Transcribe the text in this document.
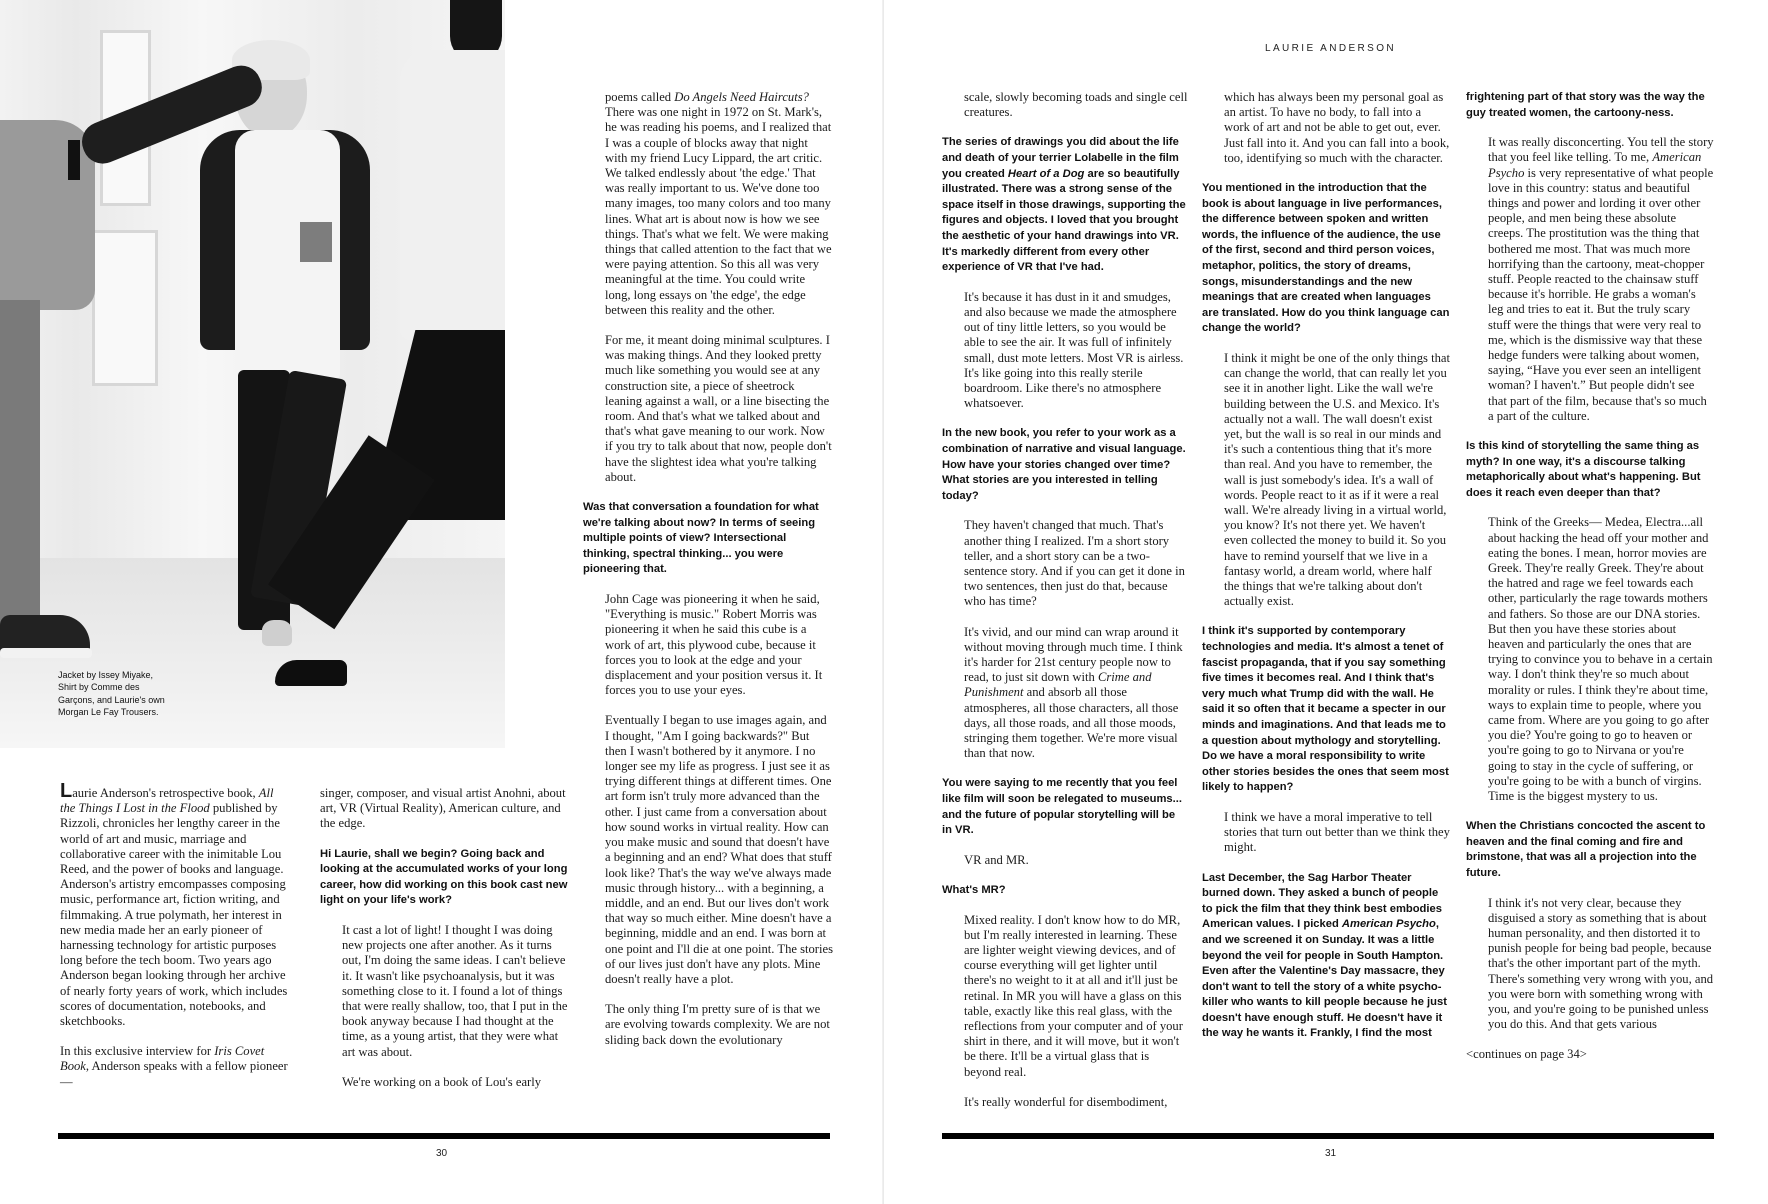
Jacket by Issey Miyake,
Shirt by Comme des
Garçons, and Laurie's own
Morgan Le Fay Trousers.

Laurie Anderson's retrospective book, All the Things I Lost in the Flood published by Rizzoli, chronicles her lengthy career in the world of art and music, marriage and collaborative career with the inimitable Lou Reed, and the power of books and language. Anderson's artistry emcompasses composing music, performance art, fiction writing, and filmmaking. A true polymath, her interest in new media made her an early pioneer of harnessing technology for artistic purposes long before the tech boom. Two years ago Anderson began looking through her archive of nearly forty years of work, which includes scores of documentation, notebooks, and sketchbooks.

In this exclusive interview for Iris Covet Book, Anderson speaks with a fellow pioneer—

singer, composer, and visual artist Anohni, about art, VR (Virtual Reality), American culture, and the edge.

Hi Laurie, shall we begin? Going back and looking at the accumulated works of your long career, how did working on this book cast new light on your life's work?

It cast a lot of light! I thought I was doing new projects one after another. As it turns out, I'm doing the same ideas. I can't believe it. It wasn't like psychoanalysis, but it was something close to it. I found a lot of things that were really shallow, too, that I put in the book anyway because I had thought at the time, as a young artist, that they were what art was about.

We're working on a book of Lou's early

poems called Do Angels Need Haircuts? There was one night in 1972 on St. Mark's, he was reading his poems, and I realized that I was a couple of blocks away that night with my friend Lucy Lippard, the art critic. We talked endlessly about 'the edge.' That was really important to us. We've done too many images, too many colors and too many lines. What art is about now is how we see things. That's what we felt. We were making things that called attention to the fact that we were paying attention. So this all was very meaningful at the time. You could write long, long essays on 'the edge', the edge between this reality and the other.

For me, it meant doing minimal sculptures. I was making things. And they looked pretty much like something you would see at any construction site, a piece of sheetrock leaning against a wall, or a line bisecting the room. And that's what we talked about and that's what gave meaning to our work. Now if you try to talk about that now, people don't have the slightest idea what you're talking about.

Was that conversation a foundation for what we're talking about now? In terms of seeing multiple points of view? Intersectional thinking, spectral thinking... you were pioneering that.

John Cage was pioneering it when he said, "Everything is music." Robert Morris was pioneering it when he said this cube is a work of art, this plywood cube, because it forces you to look at the edge and your displacement and your position versus it. It forces you to use your eyes.

Eventually I began to use images again, and I thought, "Am I going backwards?" But then I wasn't bothered by it anymore. I no longer see my life as progress. I just see it as trying different things at different times. One art form isn't truly more advanced than the other. I just came from a conversation about how sound works in virtual reality. How can you make music and sound that doesn't have a beginning and an end? What does that stuff look like? That's the way we've always made music through history... with a beginning, a middle, and an end. But our lives don't work that way so much either. Mine doesn't have a beginning, middle and an end. I was born at one point and I'll die at one point. The stories of our lives just don't have any plots. Mine doesn't really have a plot.

The only thing I'm pretty sure of is that we are evolving towards complexity. We are not sliding back down the evolutionary

30
LAURIE ANDERSON

scale, slowly becoming toads and single cell creatures.

The series of drawings you did about the life and death of your terrier Lolabelle in the film you created Heart of a Dog are so beautifully illustrated. There was a strong sense of the space itself in those drawings, supporting the figures and objects. I loved that you brought the aesthetic of your hand drawings into VR. It's markedly different from every other experience of VR that I've had.

It's because it has dust in it and smudges, and also because we made the atmosphere out of tiny little letters, so you would be able to see the air. It was full of infinitely small, dust mote letters. Most VR is airless. It's like going into this really sterile boardroom. Like there's no atmosphere whatsoever.

In the new book, you refer to your work as a combination of narrative and visual language. How have your stories changed over time? What stories are you interested in telling today?

They haven't changed that much. That's another thing I realized. I'm a short story teller, and a short story can be a two-sentence story. And if you can get it done in two sentences, then just do that, because who has time?

It's vivid, and our mind can wrap around it without moving through much time. I think it's harder for 21st century people now to read, to just sit down with Crime and Punishment and absorb all those atmospheres, all those characters, all those days, all those roads, and all those moods, stringing them together. We're more visual than that now.

You were saying to me recently that you feel like film will soon be relegated to museums... and the future of popular storytelling will be in VR.

VR and MR.

What's MR?

Mixed reality. I don't know how to do MR, but I'm really interested in learning. These are lighter weight viewing devices, and of course everything will get lighter until there's no weight to it at all and it'll just be retinal. In MR you will have a glass on this table, exactly like this real glass, with the reflections from your computer and of your shirt in there, and it will move, but it won't be there. It'll be a virtual glass that is beyond real.

It's really wonderful for disembodiment,

which has always been my personal goal as an artist. To have no body, to fall into a work of art and not be able to get out, ever. Just fall into it. And you can fall into a book, too, identifying so much with the character.

You mentioned in the introduction that the book is about language in live performances, the difference between spoken and written words, the influence of the audience, the use of the first, second and third person voices, metaphor, politics, the story of dreams, songs, misunderstandings and the new meanings that are created when languages are translated. How do you think language can change the world?

I think it might be one of the only things that can change the world, that can really let you see it in another light. Like the wall we're building between the U.S. and Mexico. It's actually not a wall. The wall doesn't exist yet, but the wall is so real in our minds and it's such a contentious thing that it's more than real. And you have to remember, the wall is just somebody's idea. It's a wall of words. People react to it as if it were a real wall. We're already living in a virtual world, you know? It's not there yet. We haven't even collected the money to build it. So you have to remind yourself that we live in a fantasy world, a dream world, where half the things that we're talking about don't actually exist.

I think it's supported by contemporary technologies and media. It's almost a tenet of fascist propaganda, that if you say something five times it becomes real. And I think that's very much what Trump did with the wall. He said it so often that it became a specter in our minds and imaginations. And that leads me to a question about mythology and storytelling. Do we have a moral responsibility to write other stories besides the ones that seem most likely to happen?

I think we have a moral imperative to tell stories that turn out better than we think they might.

Last December, the Sag Harbor Theater burned down. They asked a bunch of people to pick the film that they think best embodies American values. I picked American Psycho, and we screened it on Sunday. It was a little beyond the veil for people in South Hampton. Even after the Valentine's Day massacre, they don't want to tell the story of a white psycho-killer who wants to kill people because he just doesn't have enough stuff. He doesn't have it the way he wants it. Frankly, I find the most

frightening part of that story was the way the guy treated women, the cartoony-ness.

It was really disconcerting. You tell the story that you feel like telling. To me, American Psycho is very representative of what people love in this country: status and beautiful things and power and lording it over other people, and men being these absolute creeps. The prostitution was the thing that bothered me most. That was much more horrifying than the cartoony, meat-chopper stuff. People reacted to the chainsaw stuff because it's horrible. He grabs a woman's leg and tries to eat it. But the truly scary stuff were the things that were very real to me, which is the dismissive way that these hedge funders were talking about women, saying, “Have you ever seen an intelligent woman? I haven't.” But people didn't see that part of the film, because that's so much a part of the culture.

Is this kind of storytelling the same thing as myth? In one way, it's a discourse talking metaphorically about what's happening. But does it reach even deeper than that?

Think of the Greeks— Medea, Electra...all about hacking the head off your mother and eating the bones. I mean, horror movies are Greek. They're really Greek. They're about the hatred and rage we feel towards each other, particularly the rage towards mothers and fathers. So those are our DNA stories. But then you have these stories about heaven and particularly the ones that are trying to convince you to behave in a certain way. I don't think they're so much about morality or rules. I think they're about time, ways to explain time to people, where you came from. Where are you going to go after you die? You're going to go to heaven or you're going to go to Nirvana or you're going to stay in the cycle of suffering, or you're going to be with a bunch of virgins. Time is the biggest mystery to us.

When the Christians concocted the ascent to heaven and the final coming and fire and brimstone, that was all a projection into the future.

I think it's not very clear, because they disguised a story as something that is about human personality, and then distorted it to punish people for being bad people, because that's the other important part of the myth. There's something very wrong with you, and you were born with something wrong with you, and you're going to be punished unless you do this. And that gets various

<continues on page 34>

31
